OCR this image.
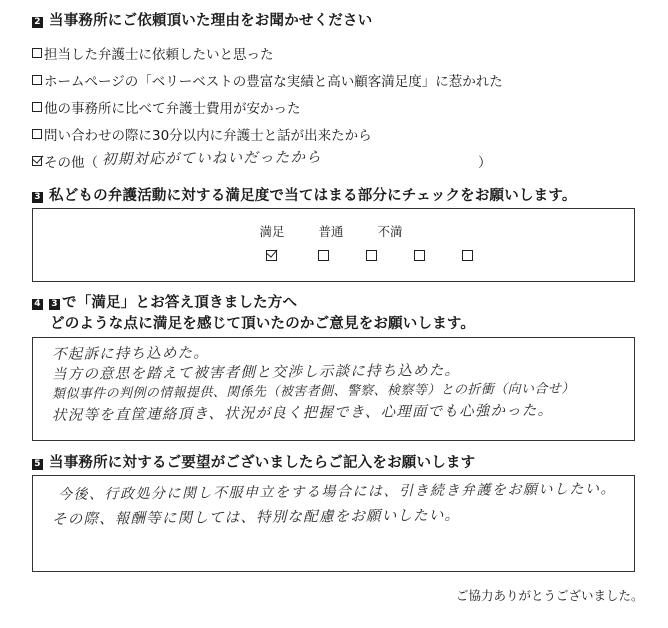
2 当事務所にご依頼頂いた理由をお聞かせください
担当した弁護士に依頼したいと思った
ホームページの「ベリーベストの豊富な実績と高い顧客満足度」に惹かれた
他の事務所に比べて弁護士費用が安かった
問い合わせの際に30分以内に弁護士と話が出来たから
その他（ 初期対応がていねいだったから	）
3 私どもの弁護活動に対する満足度で当てはまる部分にチェックをお願いします。
満足	普通	不満

4 3 で「満足」とお答え頂きました方へ
どのような点に満足を感じて頂いたのかご意見をお願いします。
不起訴に持ち込めた。
当方の意思を踏えて被害者側と交渉し示談に持ち込めた。
類似事件の判例の情報提供、関係先（被害者側、警察、検察等）との折衝（向い合せ）
状況等を直筐連絡頂き、状況が良く把握でき、心理面でも心強かった。
5 当事務所に対するご要望がございましたらご記入をお願いします
今後、行政処分に関し不服申立をする場合には、引き続き弁護をお願いしたい。
その際、報酬等に関しては、特別な配慮をお願いしたい。
ご協力ありがとうございました。
